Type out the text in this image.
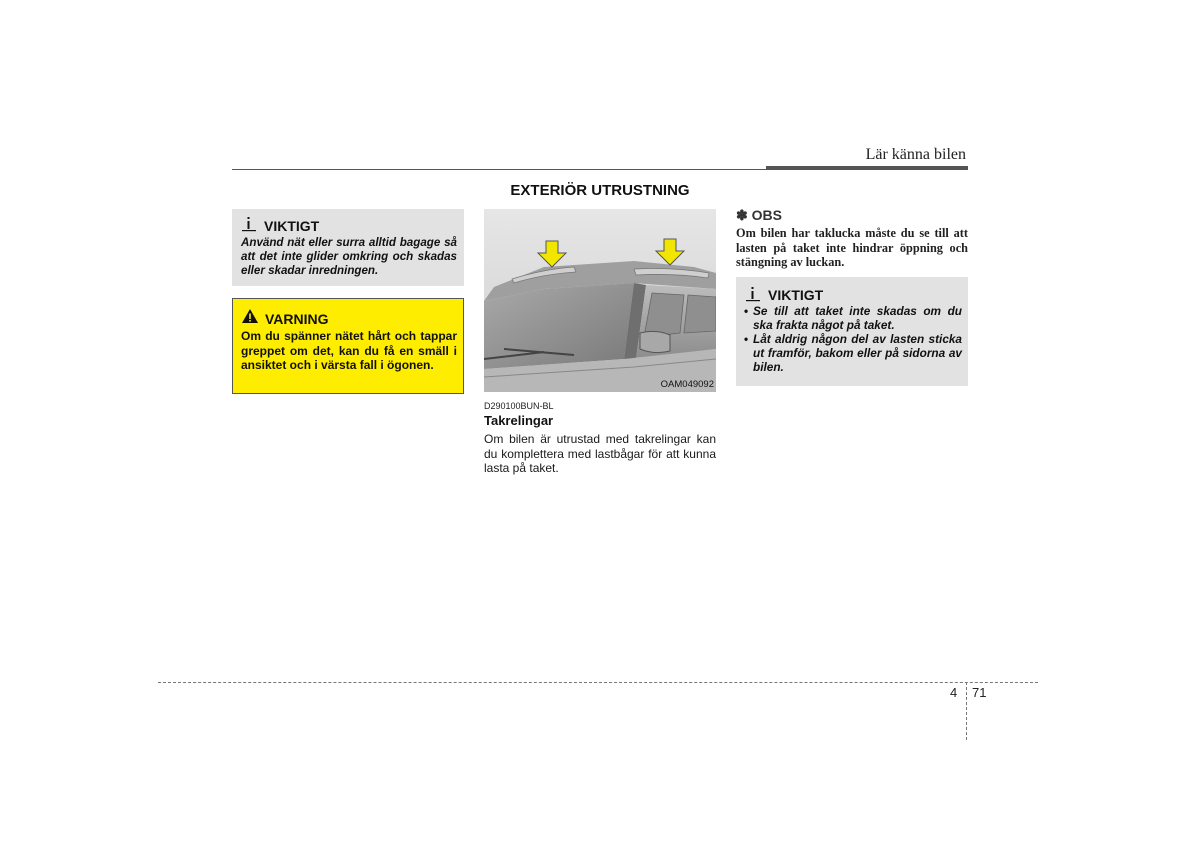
Lär känna bilen
EXTERIÖR UTRUSTNING
VIKTIGT
Använd nät eller surra alltid bagage så att det inte glider omkring och skadas eller skadar inredningen.
VARNING
Om du spänner nätet hårt och tappar greppet om det, kan du få en smäll i ansiktet och i värsta fall i ögonen.
OAM049092
D290100BUN-BL
Takrelingar
Om bilen är utrustad med takrelingar kan du komplettera med lastbågar för att kunna lasta på taket.
✽ OBS
Om bilen har taklucka måste du se till att lasten på taket inte hindrar öppning och stängning av luckan.
VIKTIGT
• Se till att taket inte skadas om du ska frakta något på taket.
• Låt aldrig någon del av lasten sticka ut framför, bakom eller på sidorna av bilen.
4 71
